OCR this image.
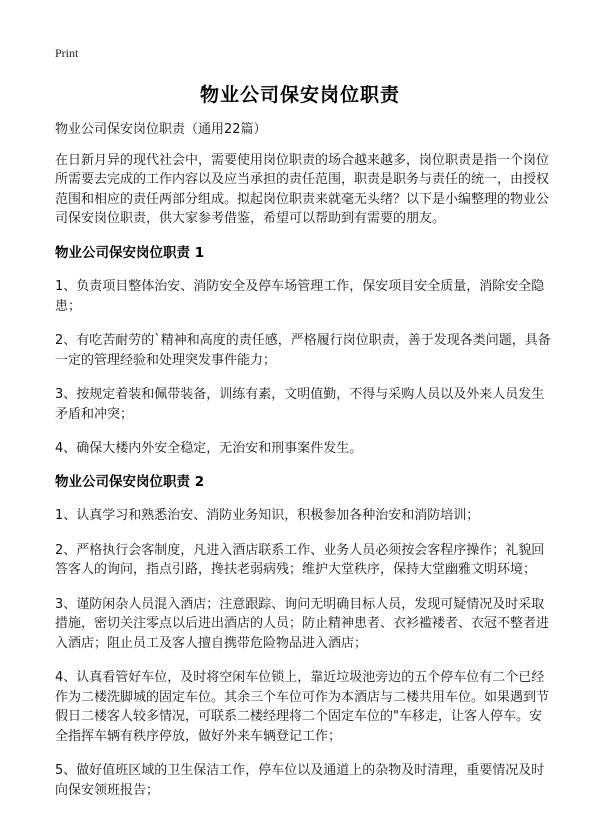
Print
物业公司保安岗位职责

物业公司保安岗位职责（通用22篇）

在日新月异的现代社会中，需要使用岗位职责的场合越来越多，岗位职责是指一个岗位所需要去完成的工作内容以及应当承担的责任范围，职责是职务与责任的统一，由授权范围和相应的责任两部分组成。拟起岗位职责来就毫无头绪？以下是小编整理的物业公司保安岗位职责，供大家参考借鉴，希望可以帮助到有需要的朋友。

物业公司保安岗位职责 1

1、负责项目整体治安、消防安全及停车场管理工作，保安项目安全质量，消除安全隐患；

2、有吃苦耐劳的`精神和高度的责任感，严格履行岗位职责，善于发现各类问题，具备一定的管理经验和处理突发事件能力；

3、按规定着装和佩带装备，训练有素，文明值勤，不得与采购人员以及外来人员发生矛盾和冲突；

4、确保大楼内外安全稳定，无治安和刑事案件发生。

物业公司保安岗位职责 2

1、认真学习和熟悉治安、消防业务知识，积极参加各种治安和消防培训；

2、严格执行会客制度，凡进入酒店联系工作、业务人员必须按会客程序操作；礼貌回答客人的询问，指点引路，搀扶老弱病残；维护大堂秩序，保持大堂幽雅文明环境；

3、谨防闲杂人员混入酒店；注意跟踪、询问无明确目标人员，发现可疑情况及时采取措施，密切关注零点以后进出酒店的人员；防止精神患者、衣衫褴褛者、衣冠不整者进入酒店；阻止员工及客人擅自携带危险物品进入酒店；

4、认真看管好车位，及时将空闲车位锁上，靠近垃圾池旁边的五个停车位有二个已经作为二楼洗脚城的固定车位。其余三个车位可作为本酒店与二楼共用车位。如果遇到节假日二楼客人较多情况，可联系二楼经理将二个固定车位的"车移走，让客人停车。安全指挥车辆有秩序停放，做好外来车辆登记工作；

5、做好值班区域的卫生保洁工作，停车位以及通道上的杂物及时清理，重要情况及时向保安领班报告；
